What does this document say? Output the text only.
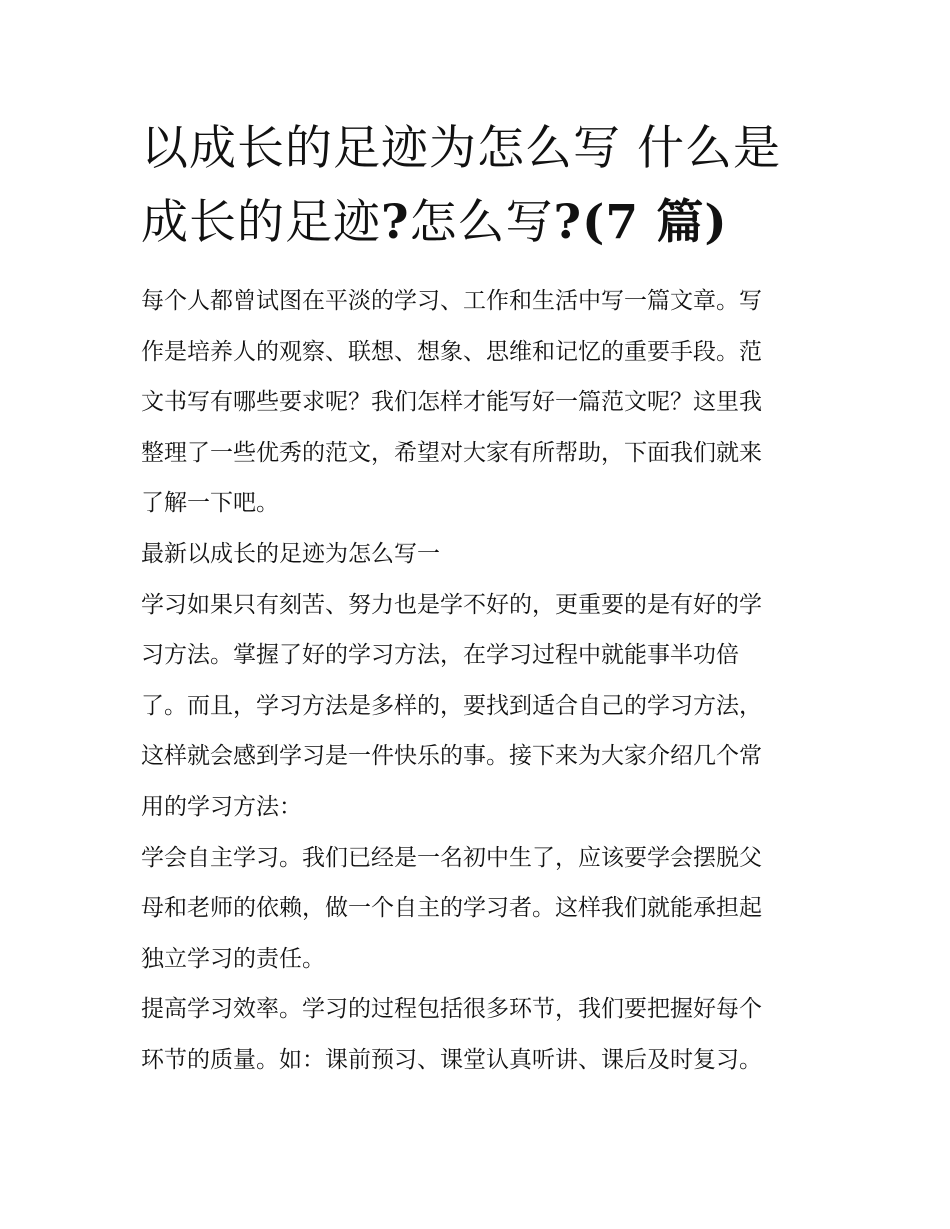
以成长的足迹为怎么写 什么是
成长的足迹?怎么写?(7 篇)

每个人都曾试图在平淡的学习、工作和生活中写一篇文章。写
作是培养人的观察、联想、想象、思维和记忆的重要手段。范
文书写有哪些要求呢？我们怎样才能写好一篇范文呢？这里我
整理了一些优秀的范文，希望对大家有所帮助，下面我们就来
了解一下吧。

最新以成长的足迹为怎么写一

学习如果只有刻苦、努力也是学不好的，更重要的是有好的学
习方法。掌握了好的学习方法，在学习过程中就能事半功倍
了。而且，学习方法是多样的，要找到适合自己的学习方法，
这样就会感到学习是一件快乐的事。接下来为大家介绍几个常
用的学习方法：

学会自主学习。我们已经是一名初中生了，应该要学会摆脱父
母和老师的依赖，做一个自主的学习者。这样我们就能承担起
独立学习的责任。

提高学习效率。学习的过程包括很多环节，我们要把握好每个
环节的质量。如：课前预习、课堂认真听讲、课后及时复习。
